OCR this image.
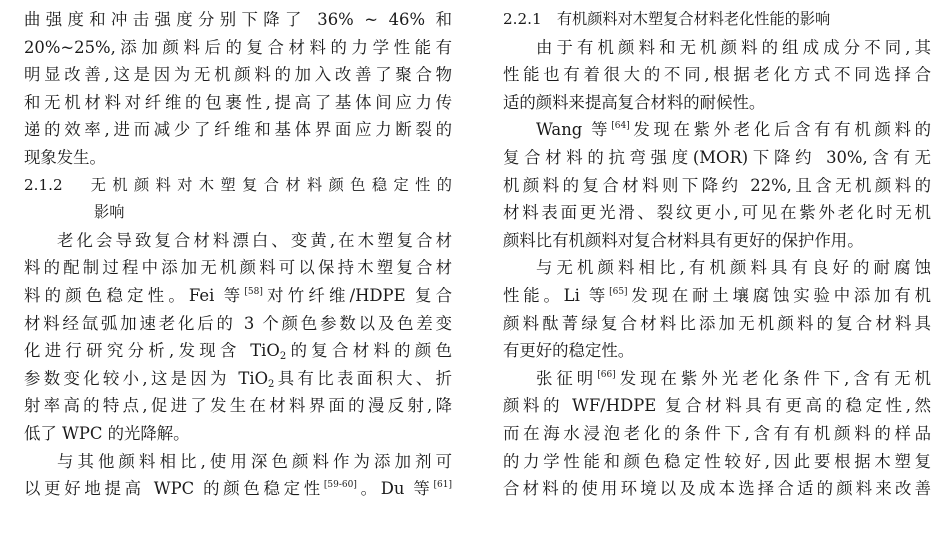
曲强度和冲击强度分别下降了 36% ~ 46% 和
20%~25%,添加颜料后的复合材料的力学性能有
明显改善,这是因为无机颜料的加入改善了聚合物
和无机材料对纤维的包裹性,提高了基体间应力传
递的效率,进而减少了纤维和基体界面应力断裂的
现象发生。
2.1.2　无机颜料对木塑复合材料颜色稳定性的
影响
老化会导致复合材料漂白、变黄,在木塑复合材
料的配制过程中添加无机颜料可以保持木塑复合材
料的颜色稳定性。Fei 等[58]对竹纤维/HDPE 复合
材料经氙弧加速老化后的 3 个颜色参数以及色差变
化进行研究分析,发现含 TiO$_2$的复合材料的颜色
参数变化较小,这是因为 TiO$_2$具有比表面积大、折
射率高的特点,促进了发生在材料界面的漫反射,降
低了 WPC 的光降解。
与其他颜料相比,使用深色颜料作为添加剂可
以更好地提高 WPC 的颜色稳定性[59-60]。Du 等[61]
2.2.1　有机颜料对木塑复合材料老化性能的影响
由于有机颜料和无机颜料的组成成分不同,其
性能也有着很大的不同,根据老化方式不同选择合
适的颜料来提高复合材料的耐候性。
Wang 等[64]发现在紫外老化后含有有机颜料的
复合材料的抗弯强度(MOR)下降约 30%,含有无
机颜料的复合材料则下降约 22%,且含无机颜料的
材料表面更光滑、裂纹更小,可见在紫外老化时无机
颜料比有机颜料对复合材料具有更好的保护作用。
与无机颜料相比,有机颜料具有良好的耐腐蚀
性能。Li 等[65]发现在耐土壤腐蚀实验中添加有机
颜料酞菁绿复合材料比添加无机颜料的复合材料具
有更好的稳定性。
张征明[66]发现在紫外光老化条件下,含有无机
颜料的 WF/HDPE 复合材料具有更高的稳定性,然
而在海水浸泡老化的条件下,含有有机颜料的样品
的力学性能和颜色稳定性较好,因此要根据木塑复
合材料的使用环境以及成本选择合适的颜料来改善
